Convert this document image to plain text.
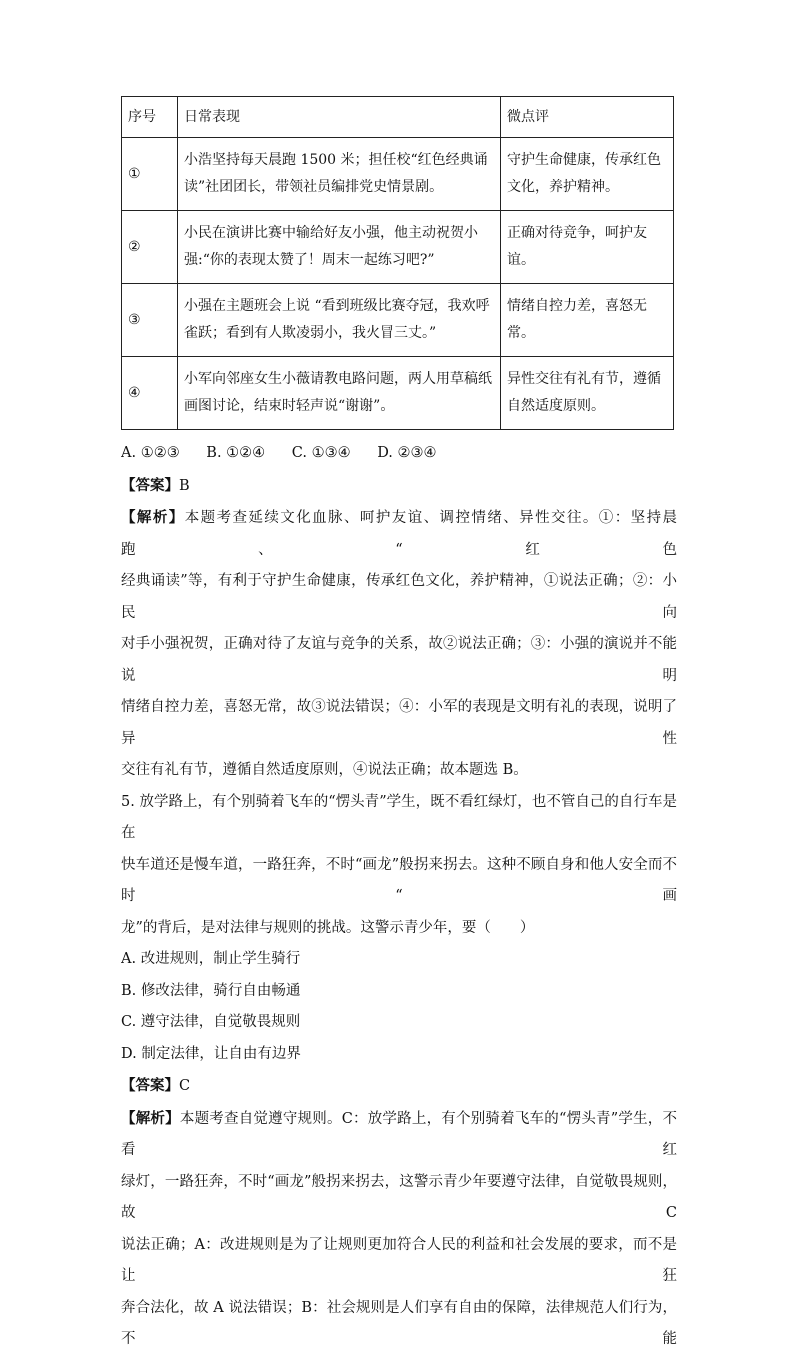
序号	日常表现	微点评
①	小浩坚持每天晨跑 1500 米；担任校“红色经典诵读”社团团长，带领社员编排党史情景剧。	守护生命健康，传承红色文化，养护精神。
②	小民在演讲比赛中输给好友小强，他主动祝贺小强:“你的表现太赞了！周末一起练习吧?”	正确对待竞争，呵护友谊。
③	小强在主题班会上说 “看到班级比赛夺冠，我欢呼雀跃；看到有人欺凌弱小，我火冒三丈。”	情绪自控力差，喜怒无常。
④	小军向邻座女生小薇请教电路问题，两人用草稿纸画图讨论，结束时轻声说“谢谢”。	异性交往有礼有节，遵循自然适度原则。
A. ①②③ B. ①②④ C. ①③④ D. ②③④
【答案】B
【解析】本题考查延续文化血脉、呵护友谊、调控情绪、异性交往。①：坚持晨跑、“红色
经典诵读”等，有利于守护生命健康，传承红色文化，养护精神，①说法正确；②：小民向
对手小强祝贺，正确对待了友谊与竞争的关系，故②说法正确；③：小强的演说并不能说明
情绪自控力差，喜怒无常，故③说法错误；④：小军的表现是文明有礼的表现，说明了异性
交往有礼有节，遵循自然适度原则，④说法正确；故本题选 B。
5. 放学路上，有个别骑着飞车的“愣头青”学生，既不看红绿灯，也不管自己的自行车是在
快车道还是慢车道，一路狂奔，不时“画龙”般拐来拐去。这种不顾自身和他人安全而不时“画
龙”的背后，是对法律与规则的挑战。这警示青少年，要（　　）
A. 改进规则，制止学生骑行
B. 修改法律，骑行自由畅通
C. 遵守法律，自觉敬畏规则
D. 制定法律，让自由有边界
【答案】C
【解析】本题考查自觉遵守规则。C：放学路上，有个别骑着飞车的“愣头青”学生，不看红
绿灯，一路狂奔，不时“画龙”般拐来拐去，这警示青少年要遵守法律，自觉敬畏规则，故 C
说法正确；A：改进规则是为了让规则更加符合人民的利益和社会发展的要求，而不是让狂
奔合法化，故 A 说法错误；B：社会规则是人们享有自由的保障，法律规范人们行为，不能
